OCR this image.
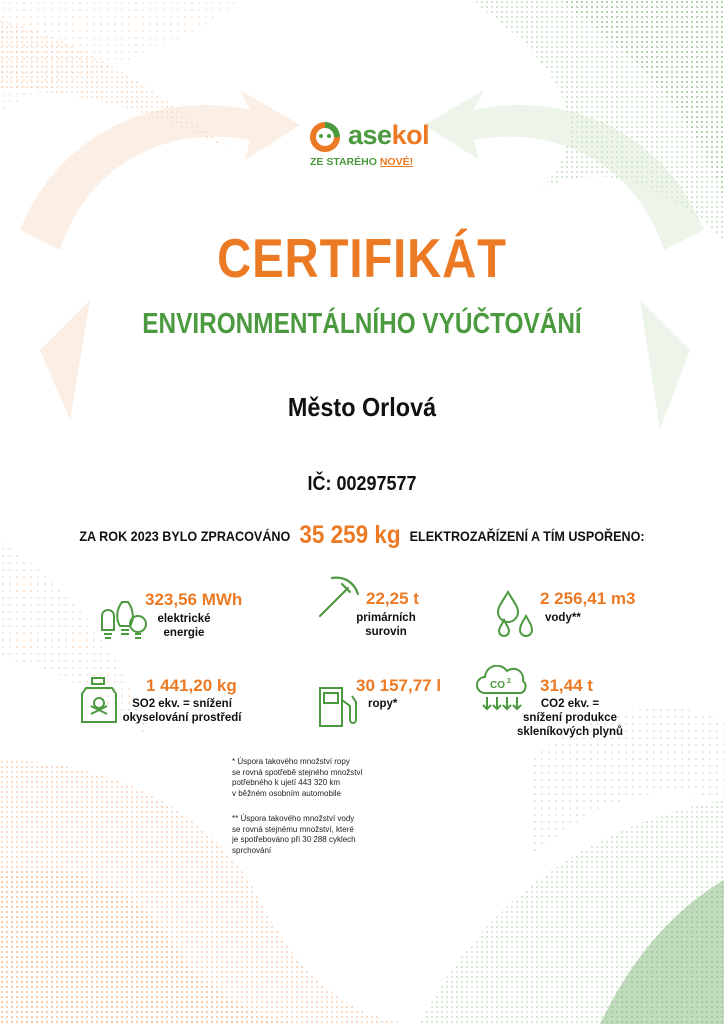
asekol
ZE STARÉHO NOVÉ!
CERTIFIKÁT
ENVIRONMENTÁLNÍHO VYÚČTOVÁNÍ
Město Orlová
IČ: 00297577
ZA ROK 2023 BYLO ZPRACOVÁNO 35 259 kg ELEKTROZAŘÍZENÍ A TÍM USPOŘENO:
323,56 MWh
elektrické
energie
22,25 t
primárních
surovin
2 256,41 m3
vody**
1 441,20 kg
SO2 ekv. = snížení
okyselování prostředí
30 157,77 l
ropy*
CO 2 31,44 t
CO2 ekv. =
snížení produkce
skleníkových plynů
* Úspora takového množství ropy
se rovná spotřebě stejného množství
potřebného k ujetí 443 320 km
v běžném osobním automobile
** Úspora takového množství vody
se rovná stejnému množství, které
je spotřebováno při 30 288 cyklech
sprchování
